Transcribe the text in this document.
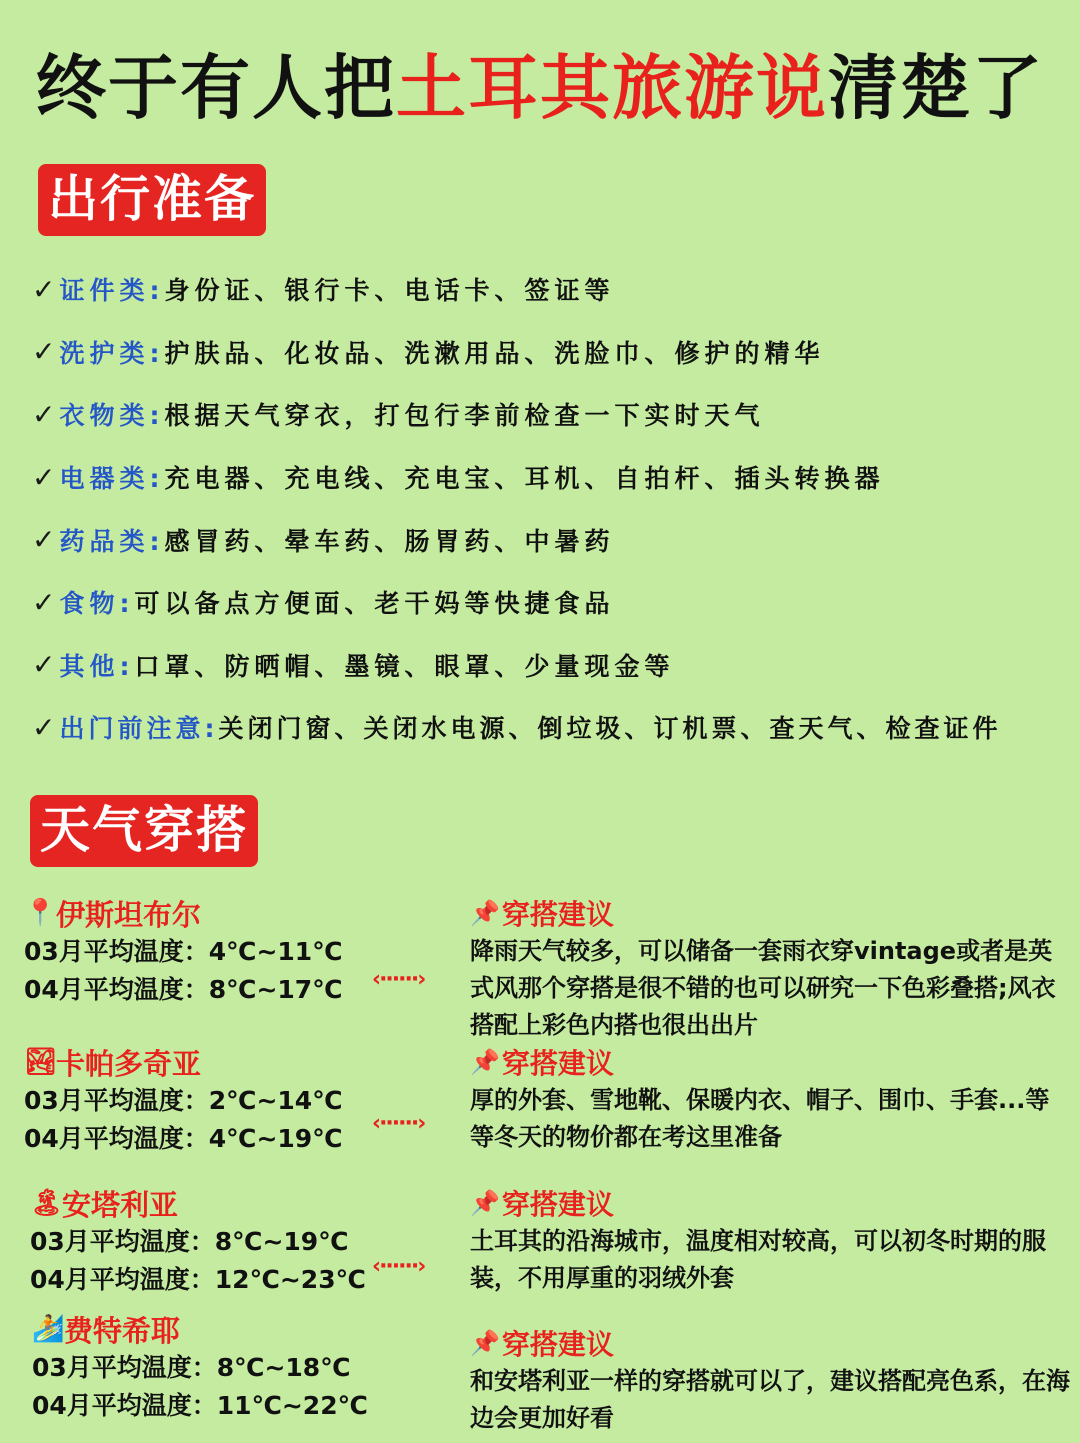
终于有人把土耳其旅游说清楚了
出行准备
✓ 证件类: 身份证、银行卡、电话卡、签证等
✓ 洗护类: 护肤品、化妆品、洗漱用品、洗脸巾、修护的精华
✓ 衣物类: 根据天气穿衣，打包行李前检查一下实时天气
✓ 电器类: 充电器、充电线、充电宝、耳机、自拍杆、插头转换器
✓ 药品类: 感冒药、晕车药、肠胃药、中暑药
✓ 食物: 可以备点方便面、老干妈等快捷食品
✓ 其他: 口罩、防晒帽、墨镜、眼罩、少量现金等
✓ 出门前注意: 关闭门窗、关闭水电源、倒垃圾、订机票、查天气、检查证件
天气穿搭
📍 伊斯坦布尔
03月平均温度：4℃~11℃
04月平均温度：8℃~17℃	‹······›
📌 穿搭建议
降雨天气较多，可以储备一套雨衣穿vintage或者是英式风那个穿搭是很不错的也可以研究一下色彩叠搭;风衣搭配上彩色内搭也很出出片
🏞
卡帕多奇亚
03月平均温度：2℃~14℃
04月平均温度：4℃~19℃
‹······›
📌 穿搭建议
厚的外套、雪地靴、保暖内衣、帽子、围巾、手套...等等冬天的物价都在考这里准备
🏝
安塔利亚
03月平均温度：8℃~19℃
04月平均温度：12℃~23℃ ‹······›
📌 穿搭建议
土耳其的沿海城市，温度相对较高，可以初冬时期的服装，不用厚重的羽绒外套
🏄 费特希耶
03月平均温度：8℃~18℃
04月平均温度：11℃~22℃
📌 穿搭建议
和安塔利亚一样的穿搭就可以了，建议搭配亮色系，在海边会更加好看
